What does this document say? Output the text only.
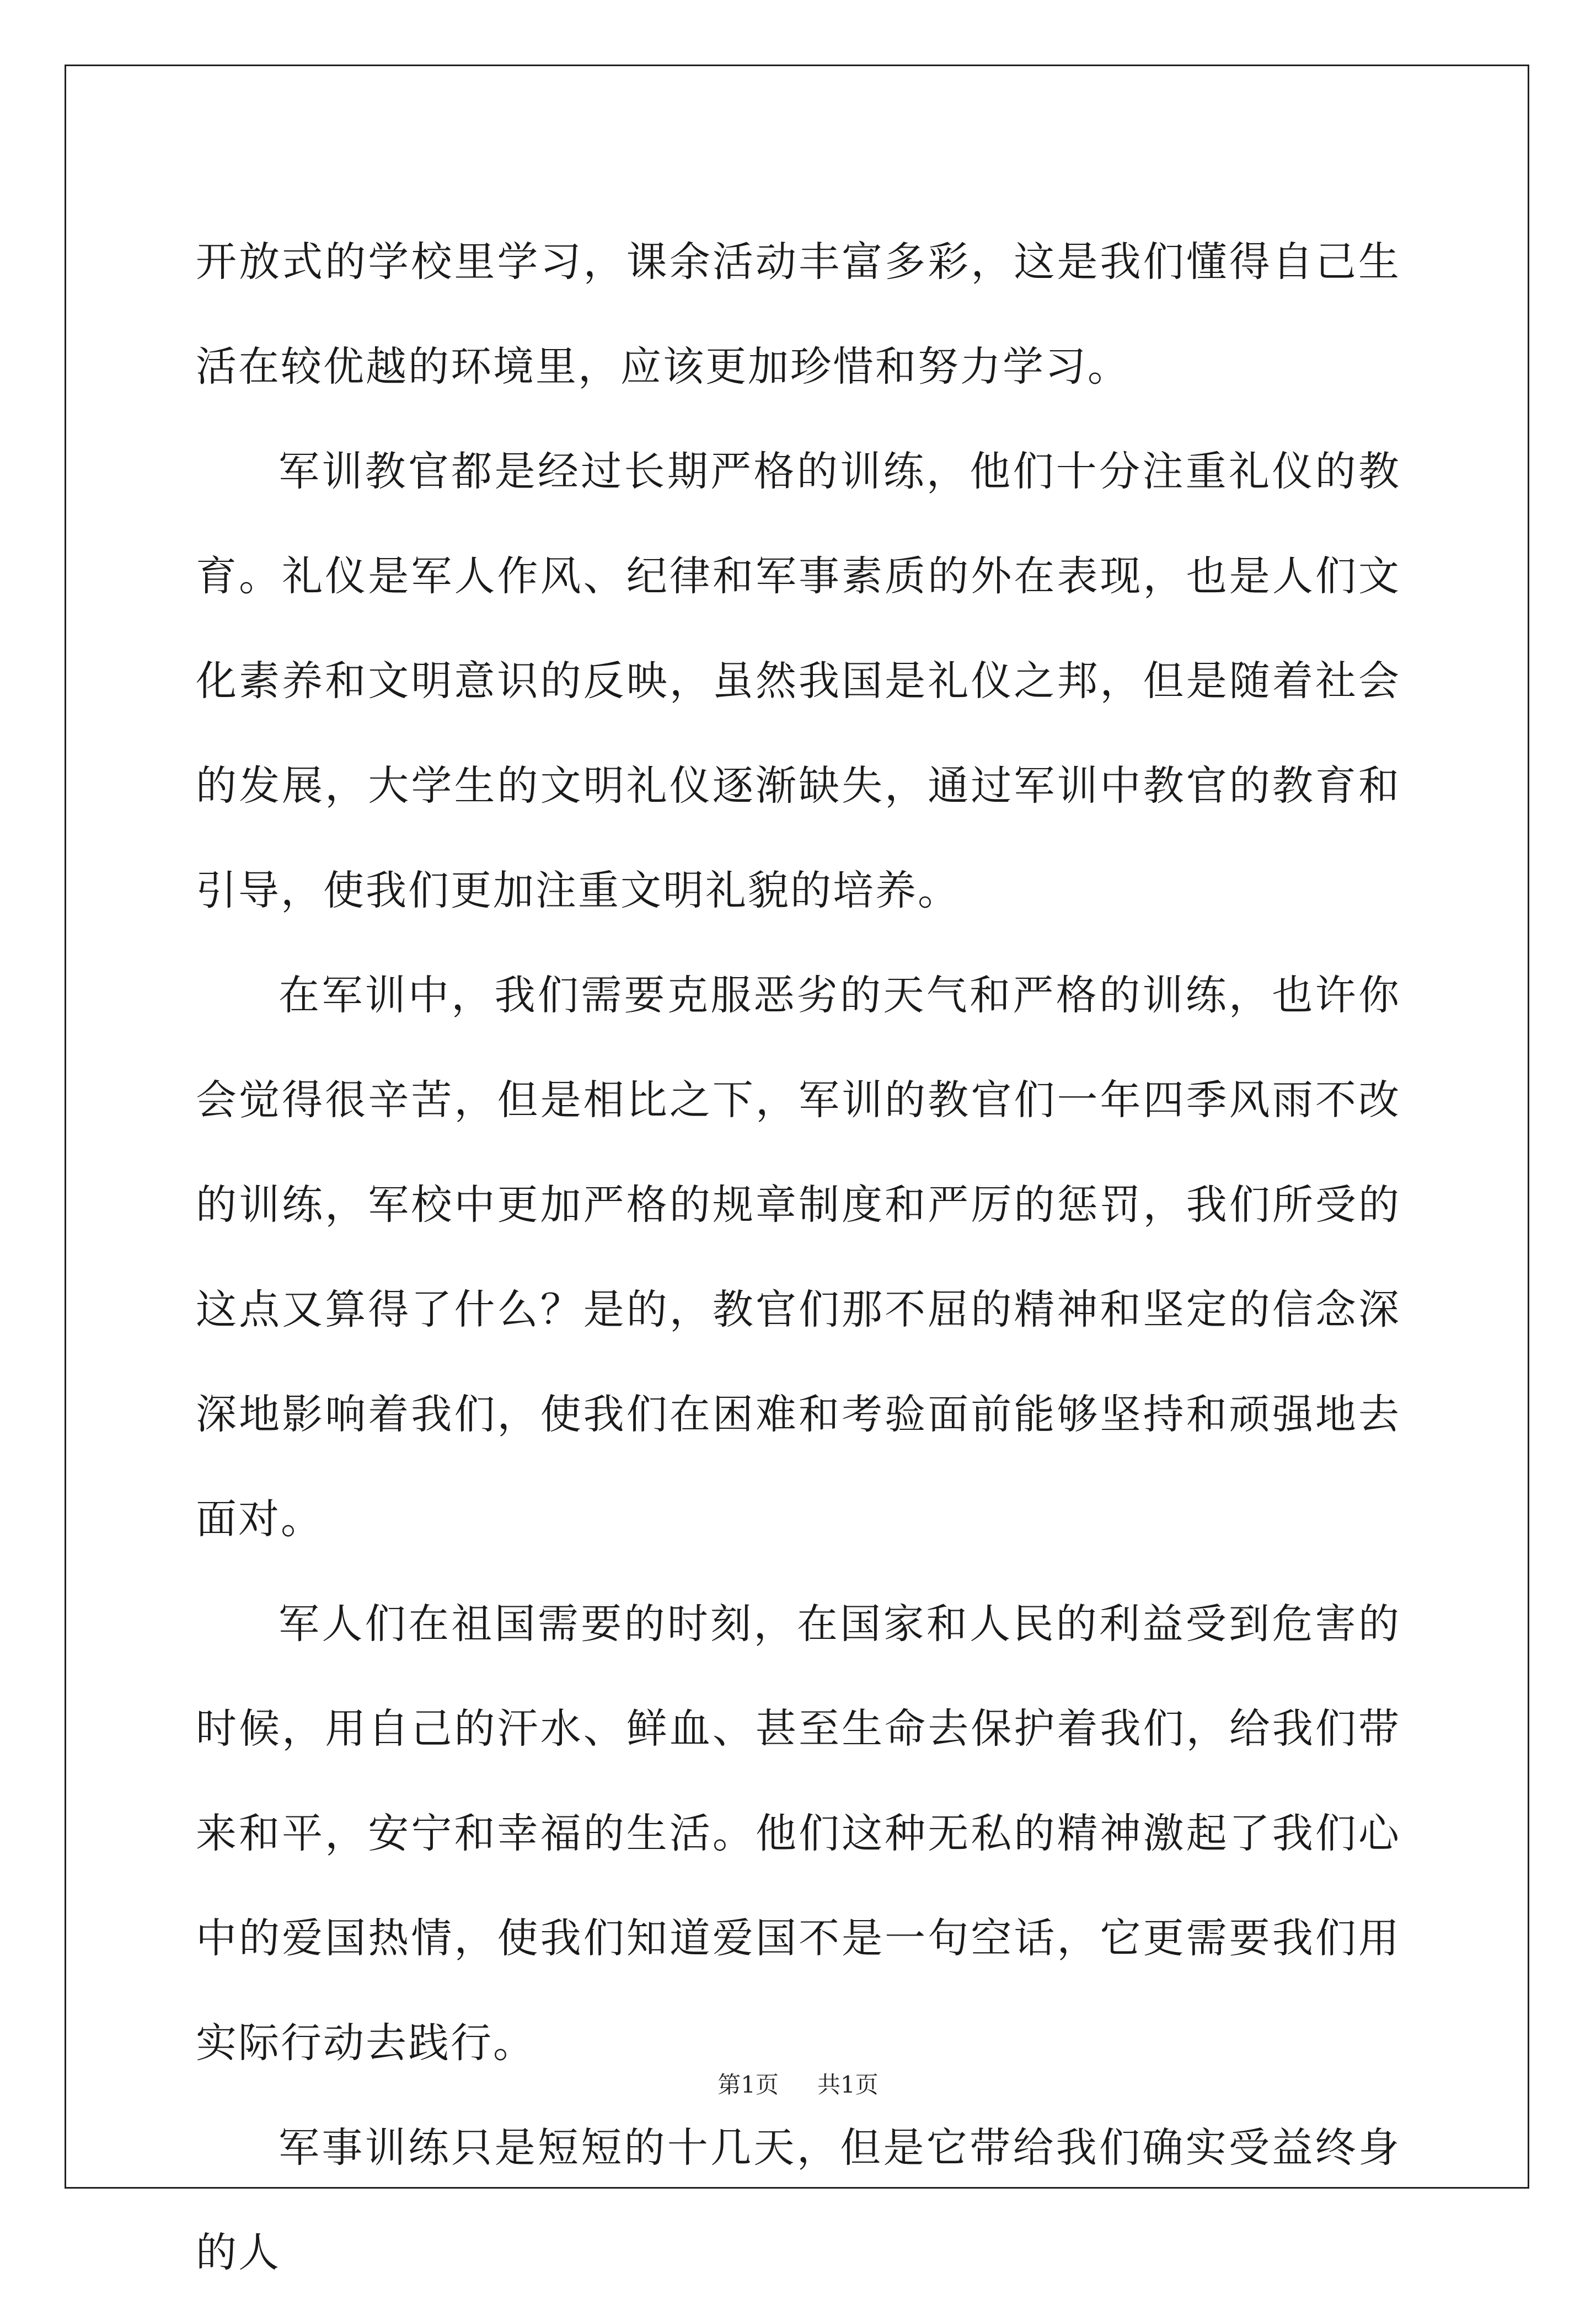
开放式的学校里学习，课余活动丰富多彩，这是我们懂得自己生活在较优越的环境里，应该更加珍惜和努力学习。

军训教官都是经过长期严格的训练，他们十分注重礼仪的教育。礼仪是军人作风、纪律和军事素质的外在表现，也是人们文化素养和文明意识的反映，虽然我国是礼仪之邦，但是随着社会的发展，大学生的文明礼仪逐渐缺失，通过军训中教官的教育和引导，使我们更加注重文明礼貌的培养。

在军训中，我们需要克服恶劣的天气和严格的训练，也许你会觉得很辛苦，但是相比之下，军训的教官们一年四季风雨不改的训练，军校中更加严格的规章制度和严厉的惩罚，我们所受的这点又算得了什么？是的，教官们那不屈的精神和坚定的信念深深地影响着我们，使我们在困难和考验面前能够坚持和顽强地去面对。

军人们在祖国需要的时刻，在国家和人民的利益受到危害的时候，用自己的汗水、鲜血、甚至生命去保护着我们，给我们带来和平，安宁和幸福的生活。他们这种无私的精神激起了我们心中的爱国热情，使我们知道爱国不是一句空话，它更需要我们用实际行动去践行。

军事训练只是短短的十几天，但是它带给我们确实受益终身的人

第1页 共1页
